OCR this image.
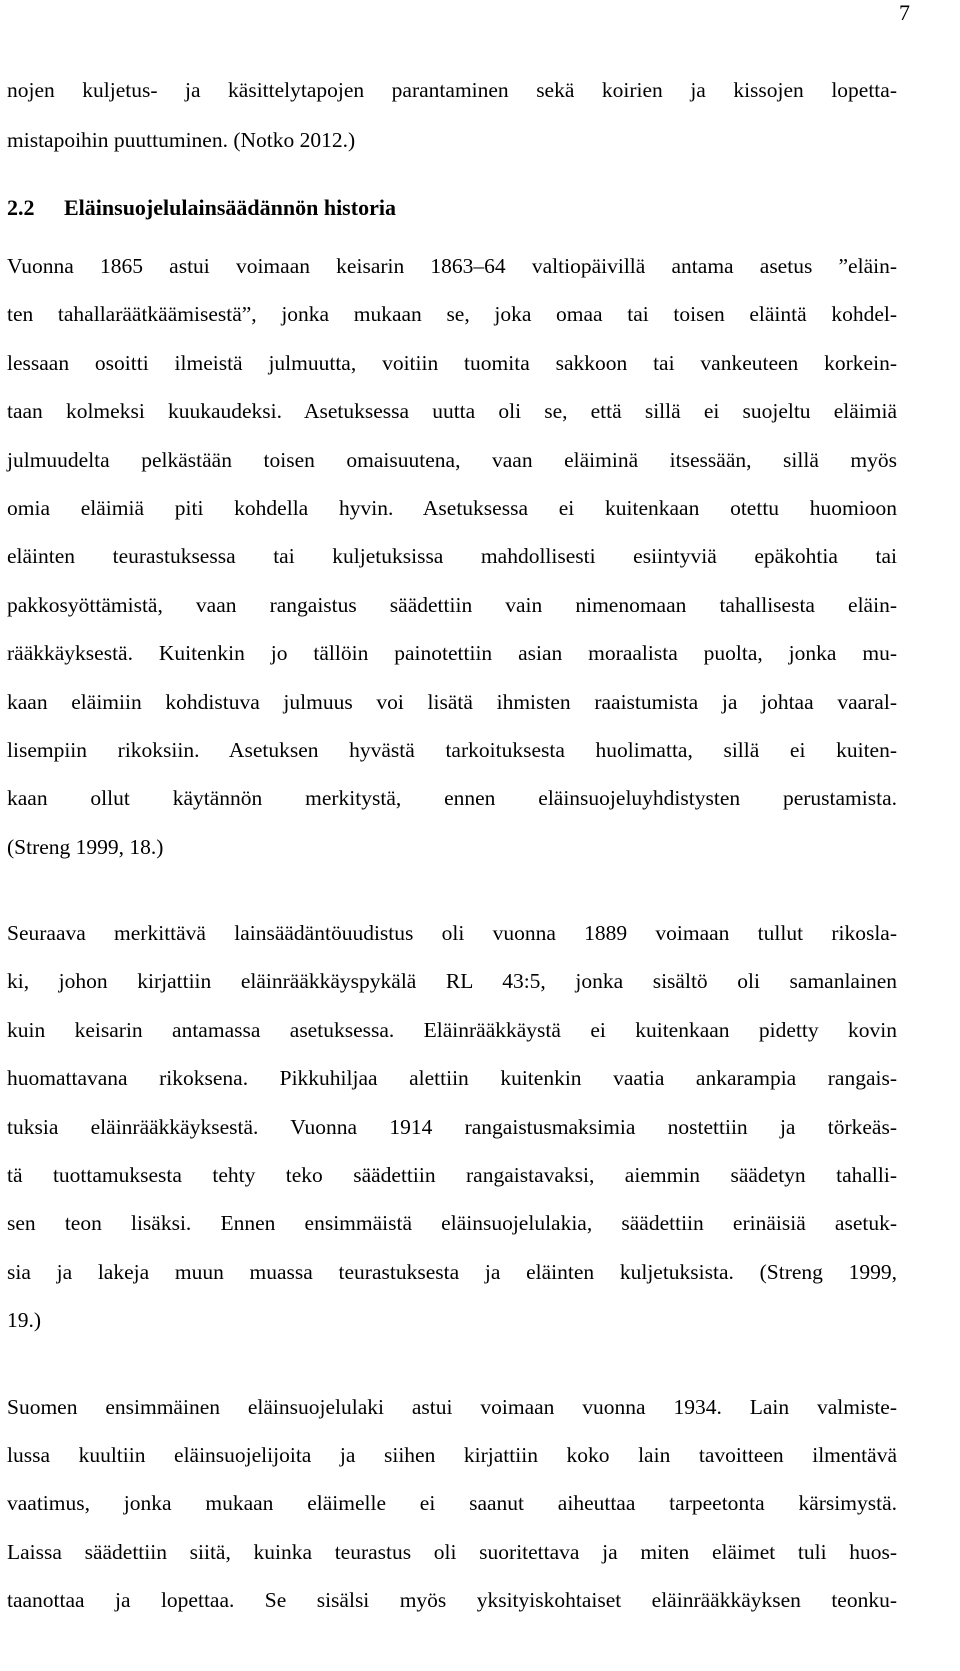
7
nojen kuljetus- ja käsittelytapojen parantaminen sekä koirien ja kissojen lopetta-
mistapoihin puuttuminen. (Notko 2012.)
2.2 Eläinsuojelulainsäädännön historia
Vuonna 1865 astui voimaan keisarin 1863–64 valtiopäivillä antama asetus ”eläin-
ten tahallaräätkäämisestä”, jonka mukaan se, joka omaa tai toisen eläintä kohdel-
lessaan osoitti ilmeistä julmuutta, voitiin tuomita sakkoon tai vankeuteen korkein-
taan kolmeksi kuukaudeksi. Asetuksessa uutta oli se, että sillä ei suojeltu eläimiä
julmuudelta pelkästään toisen omaisuutena, vaan eläiminä itsessään, sillä myös
omia eläimiä piti kohdella hyvin. Asetuksessa ei kuitenkaan otettu huomioon
eläinten teurastuksessa tai kuljetuksissa mahdollisesti esiintyviä epäkohtia tai
pakkosyöttämistä, vaan rangaistus säädettiin vain nimenomaan tahallisesta eläin-
rääkkäyksestä. Kuitenkin jo tällöin painotettiin asian moraalista puolta, jonka mu-
kaan eläimiin kohdistuva julmuus voi lisätä ihmisten raaistumista ja johtaa vaaral-
lisempiin rikoksiin. Asetuksen hyvästä tarkoituksesta huolimatta, sillä ei kuiten-
kaan ollut käytännön merkitystä, ennen eläinsuojeluyhdistysten perustamista.
(Streng 1999, 18.)
Seuraava merkittävä lainsäädäntöuudistus oli vuonna 1889 voimaan tullut rikosla-
ki, johon kirjattiin eläinrääkkäyspykälä RL 43:5, jonka sisältö oli samanlainen
kuin keisarin antamassa asetuksessa. Eläinrääkkäystä ei kuitenkaan pidetty kovin
huomattavana rikoksena. Pikkuhiljaa alettiin kuitenkin vaatia ankarampia rangais-
tuksia eläinrääkkäyksestä. Vuonna 1914 rangaistusmaksimia nostettiin ja törkeäs-
tä tuottamuksesta tehty teko säädettiin rangaistavaksi, aiemmin säädetyn tahalli-
sen teon lisäksi. Ennen ensimmäistä eläinsuojelulakia, säädettiin erinäisiä asetuk-
sia ja lakeja muun muassa teurastuksesta ja eläinten kuljetuksista. (Streng 1999,
19.)
Suomen ensimmäinen eläinsuojelulaki astui voimaan vuonna 1934. Lain valmiste-
lussa kuultiin eläinsuojelijoita ja siihen kirjattiin koko lain tavoitteen ilmentävä
vaatimus, jonka mukaan eläimelle ei saanut aiheuttaa tarpeetonta kärsimystä.
Laissa säädettiin siitä, kuinka teurastus oli suoritettava ja miten eläimet tuli huos-
taanottaa ja lopettaa. Se sisälsi myös yksityiskohtaiset eläinrääkkäyksen teonku-
